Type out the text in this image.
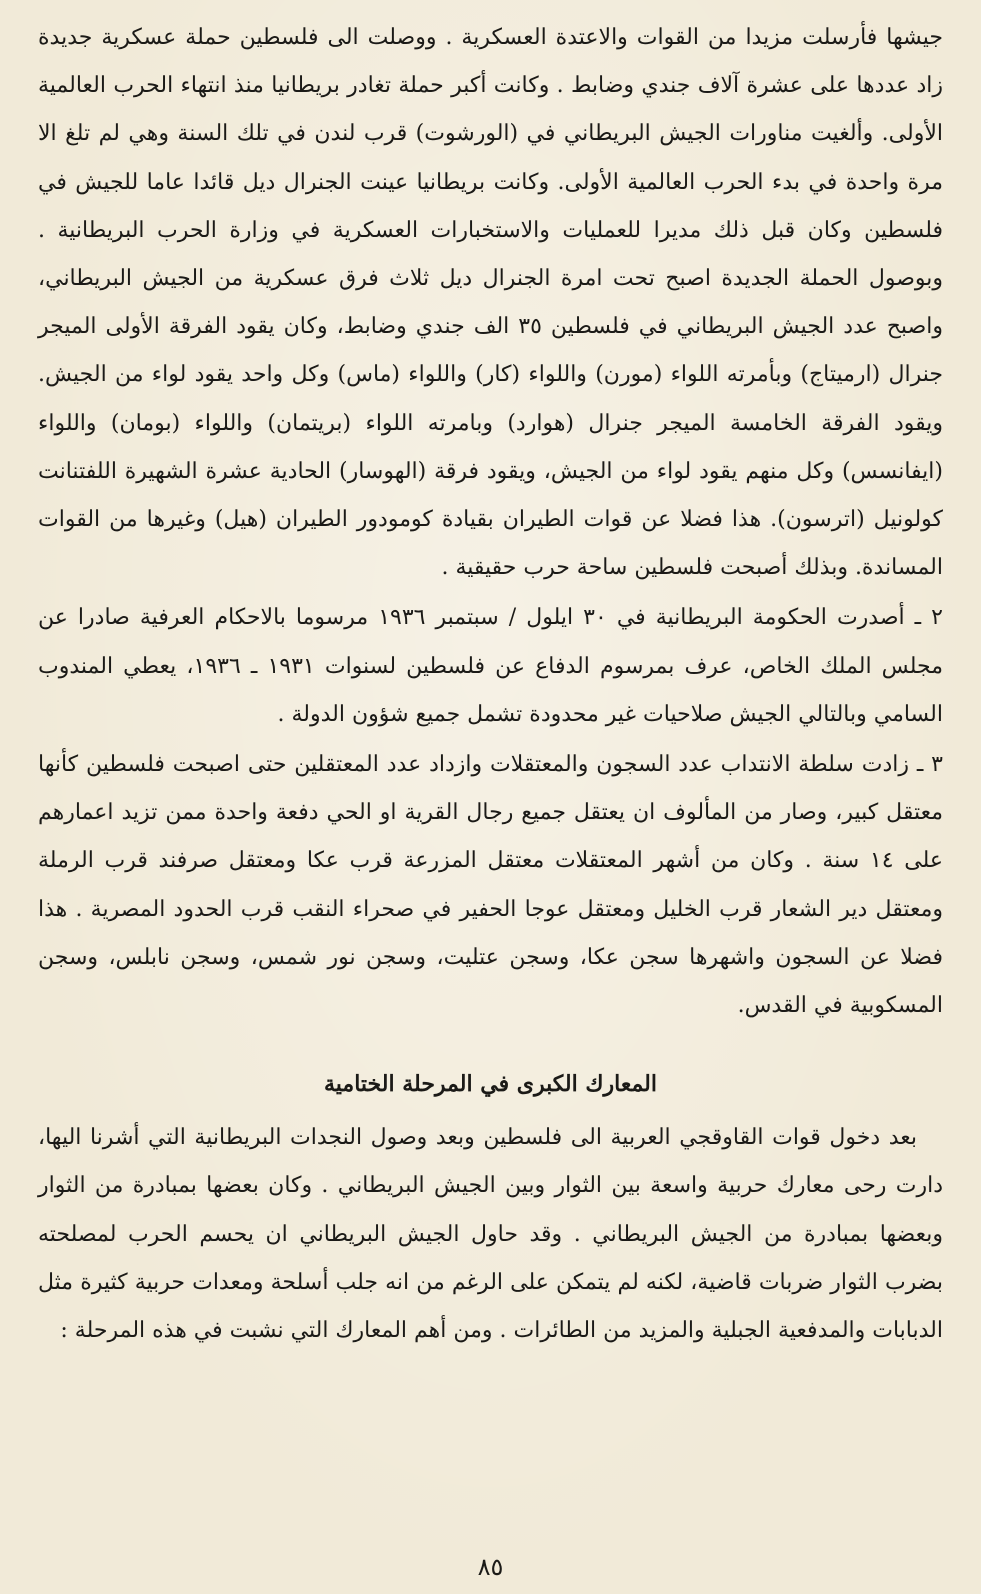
جيشها فأرسلت مزيدا من القوات والاعتدة العسكرية . ووصلت الى فلسطين حملة عسكرية جديدة زاد عددها على عشرة آلاف جندي وضابط . وكانت أكبر حملة تغادر بريطانيا منذ انتهاء الحرب العالمية الأولى. وألغيت مناورات الجيش البريطاني في (الورشوت) قرب لندن في تلك السنة وهي لم تلغ الا مرة واحدة في بدء الحرب العالمية الأولى. وكانت بريطانيا عينت الجنرال ديل قائدا عاما للجيش في فلسطين وكان قبل ذلك مديرا للعمليات والاستخبارات العسكرية في وزارة الحرب البريطانية . وبوصول الحملة الجديدة اصبح تحت امرة الجنرال ديل ثلاث فرق عسكرية من الجيش البريطاني، واصبح عدد الجيش البريطاني في فلسطين ٣٥ الف جندي وضابط، وكان يقود الفرقة الأولى الميجر جنرال (ارميتاج) وبأمرته اللواء (مورن) واللواء (كار) واللواء (ماس) وكل واحد يقود لواء من الجيش. ويقود الفرقة الخامسة الميجر جنرال (هوارد) وبامرته اللواء (بريتمان) واللواء (بومان) واللواء (ايفانسس) وكل منهم يقود لواء من الجيش، ويقود فرقة (الهوسار) الحادية عشرة الشهيرة اللفتنانت كولونيل (اترسون). هذا فضلا عن قوات الطيران بقيادة كومودور الطيران (هيل) وغيرها من القوات المساندة. وبذلك أصبحت فلسطين ساحة حرب حقيقية .

٢ ـ أصدرت الحكومة البريطانية في ٣٠ ايلول / سبتمبر ١٩٣٦ مرسوما بالاحكام العرفية صادرا عن مجلس الملك الخاص، عرف بمرسوم الدفاع عن فلسطين لسنوات ١٩٣١ ـ ١٩٣٦، يعطي المندوب السامي وبالتالي الجيش صلاحيات غير محدودة تشمل جميع شؤون الدولة .

٣ ـ زادت سلطة الانتداب عدد السجون والمعتقلات وازداد عدد المعتقلين حتى اصبحت فلسطين كأنها معتقل كبير، وصار من المألوف ان يعتقل جميع رجال القرية او الحي دفعة واحدة ممن تزيد اعمارهم على ١٤ سنة . وكان من أشهر المعتقلات معتقل المزرعة قرب عكا ومعتقل صرفند قرب الرملة ومعتقل دير الشعار قرب الخليل ومعتقل عوجا الحفير في صحراء النقب قرب الحدود المصرية . هذا فضلا عن السجون واشهرها سجن عكا، وسجن عتليت، وسجن نور شمس، وسجن نابلس، وسجن المسكوبية في القدس.

المعارك الكبرى في المرحلة الختامية

بعد دخول قوات القاوقجي العربية الى فلسطين وبعد وصول النجدات البريطانية التي أشرنا اليها، دارت رحى معارك حربية واسعة بين الثوار وبين الجيش البريطاني . وكان بعضها بمبادرة من الثوار وبعضها بمبادرة من الجيش البريطاني . وقد حاول الجيش البريطاني ان يحسم الحرب لمصلحته بضرب الثوار ضربات قاضية، لكنه لم يتمكن على الرغم من انه جلب أسلحة ومعدات حربية كثيرة مثل الدبابات والمدفعية الجبلية والمزيد من الطائرات . ومن أهم المعارك التي نشبت في هذه المرحلة :

٨٥
